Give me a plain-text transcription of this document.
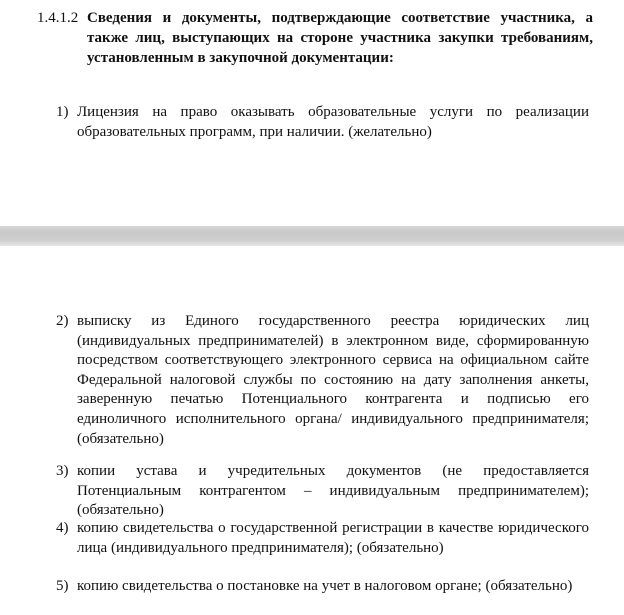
1.4.1.2 Сведения и документы, подтверждающие соответствие участника, а также лиц, выступающих на стороне участника закупки требованиям, установленным в закупочной документации:
1) Лицензия на право оказывать образовательные услуги по реализации образовательных программ, при наличии. (желательно)
2) выписку из Единого государственного реестра юридических лиц (индивидуальных предпринимателей) в электронном виде, сформированную посредством соответствующего электронного сервиса на официальном сайте Федеральной налоговой службы по состоянию на дату заполнения анкеты, заверенную печатью Потенциального контрагента и подписью его единоличного исполнительного органа/ индивидуального предпринимателя; (обязательно)
3) копии устава и учредительных документов (не предоставляется Потенциальным контрагентом – индивидуальным предпринимателем); (обязательно)
4) копию свидетельства о государственной регистрации в качестве юридического лица (индивидуального предпринимателя); (обязательно)
5) копию свидетельства о постановке на учет в налоговом органе; (обязательно)
